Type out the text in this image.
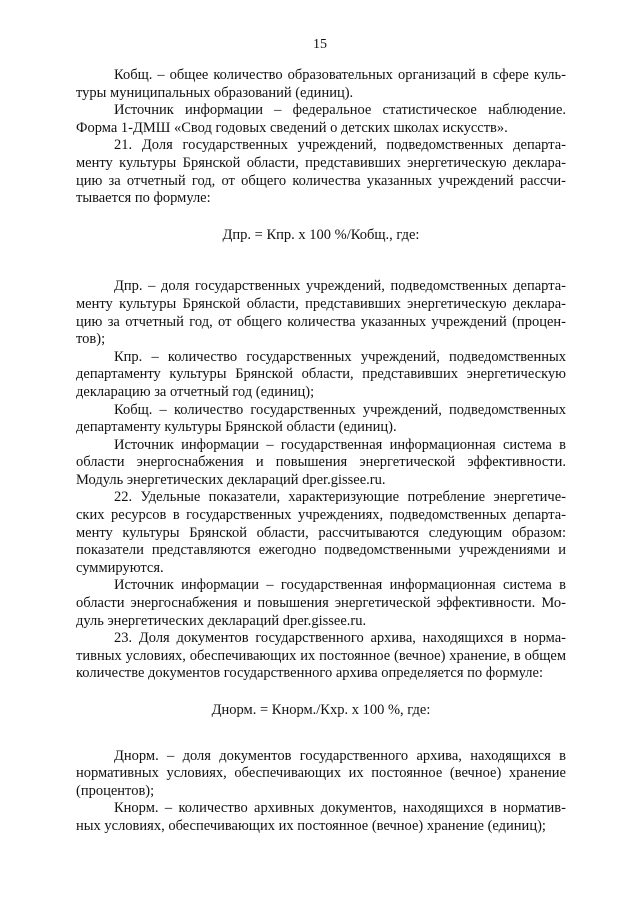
15

Кобщ. – общее количество образовательных организаций в сфере культуры муниципальных образований (единиц).

Источник информации – федеральное статистическое наблюдение. Форма 1-ДМШ «Свод годовых сведений о детских школах искусств».

21. Доля государственных учреждений, подведомственных департаменту культуры Брянской области, представивших энергетическую декларацию за отчетный год, от общего количества указанных учреждений рассчитывается по формуле:

Дпр. = Кпр. х 100 %/Кобщ., где:

Дпр. – доля государственных учреждений, подведомственных департаменту культуры Брянской области, представивших энергетическую декларацию за отчетный год, от общего количества указанных учреждений (процентов);

Кпр. – количество государственных учреждений, подведомственных департаменту культуры Брянской области, представивших энергетическую декларацию за отчетный год (единиц);

Кобщ. – количество государственных учреждений, подведомственных департаменту культуры Брянской области (единиц).

Источник информации – государственная информационная система в области энергоснабжения и повышения энергетической эффективности. Модуль энергетических деклараций dper.gissee.ru.

22. Удельные показатели, характеризующие потребление энергетических ресурсов в государственных учреждениях, подведомственных департаменту культуры Брянской области, рассчитываются следующим образом: показатели представляются ежегодно подведомственными учреждениями и суммируются.

Источник информации – государственная информационная система в области энергоснабжения и повышения энергетической эффективности. Модуль энергетических деклараций dper.gissee.ru.

23. Доля документов государственного архива, находящихся в нормативных условиях, обеспечивающих их постоянное (вечное) хранение, в общем количестве документов государственного архива определяется по формуле:

Днорм. = Кнорм./Кхр. х 100 %, где:

Днорм. – доля документов государственного архива, находящихся в нормативных условиях, обеспечивающих их постоянное (вечное) хранение (процентов);

Кнорм. – количество архивных документов, находящихся в нормативных условиях, обеспечивающих их постоянное (вечное) хранение (единиц);
